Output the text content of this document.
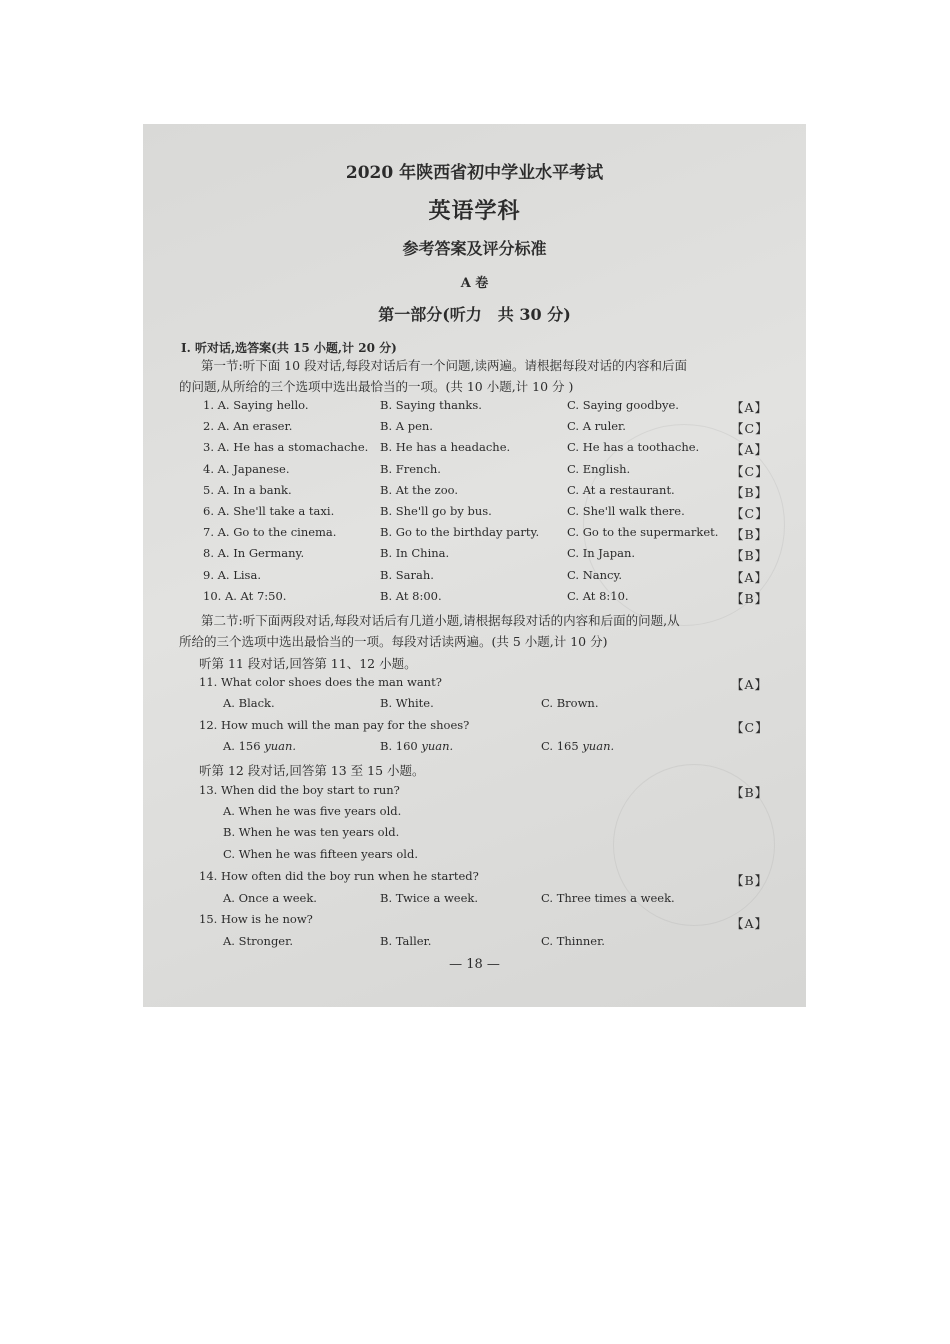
2020 年陕西省初中学业水平考试
英语学科
参考答案及评分标准
A 卷
第一部分(听力　共 30 分)
Ⅰ. 听对话,选答案(共 15 小题,计 20 分)
第一节:听下面 10 段对话,每段对话后有一个问题,读两遍。请根据每段对话的内容和后面
的问题,从所给的三个选项中选出最恰当的一项。(共 10 小题,计 10 分 )
1. A. Saying hello.	B. Saying thanks.	C. Saying goodbye.	【A】
2. A. An eraser.	B. A pen.	C. A ruler.	【C】
3. A. He has a stomachache. B. He has a headache.	C. He has a toothache.	【A】
4. A. Japanese.	B. French.	C. English.	【C】
5. A. In a bank.	B. At the zoo.	C. At a restaurant.	【B】
6. A. She'll take a taxi.	B. She'll go by bus.	C. She'll walk there.	【C】
7. A. Go to the cinema.	B. Go to the birthday party. C. Go to the supermarket. 【B】
8. A. In Germany.	B. In China.	C. In Japan.	【B】
9. A. Lisa.	B. Sarah.	C. Nancy.	【A】
10. A. At 7:50.	B. At 8:00.	C. At 8:10.	【B】
第二节:听下面两段对话,每段对话后有几道小题,请根据每段对话的内容和后面的问题,从
所给的三个选项中选出最恰当的一项。每段对话读两遍。(共 5 小题,计 10 分)
听第 11 段对话,回答第 11、12 小题。
11. What color shoes does the man want?	【A】
A. Black.	B. White.	C. Brown.
12. How much will the man pay for the shoes?	【C】
A. 156 yuan.	B. 160 yuan.	C. 165 yuan.
听第 12 段对话,回答第 13 至 15 小题。
13. When did the boy start to run?	【B】
A. When he was five years old.
B. When he was ten years old.
C. When he was fifteen years old.
14. How often did the boy run when he started?	【B】
A. Once a week.	B. Twice a week.	C. Three times a week.
15. How is he now?	【A】
A. Stronger.	B. Taller.	C. Thinner.
— 18 —
